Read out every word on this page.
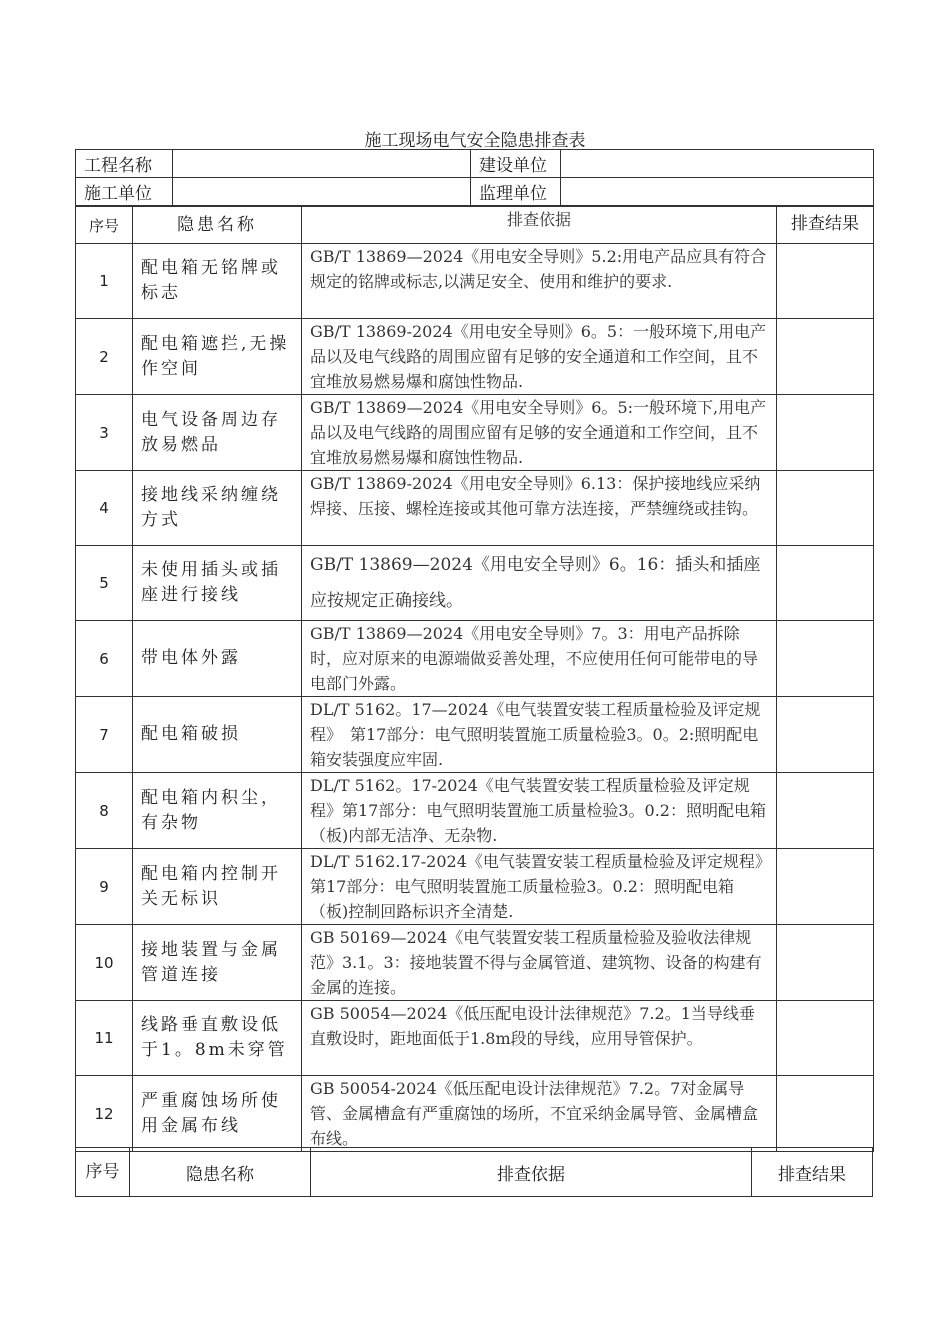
施工现场电气安全隐患排查表
工程名称		建设单位	
施工单位		监理单位	
序号	隐患名称	排查依据	排查结果
1	配电箱无铭牌或标志	GB/T 13869—2024《用电安全导则》5.2:用电产品应具有符合规定的铭牌或标志,以满足安全、使用和维护的要求.	
2	配电箱遮拦,无操作空间	GB/T 13869-2024《用电安全导则》6。5：一般环境下,用电产品以及电气线路的周围应留有足够的安全通道和工作空间，且不宜堆放易燃易爆和腐蚀性物品.	
3	电气设备周边存放易燃品	GB/T 13869—2024《用电安全导则》6。5:一般环境下,用电产品以及电气线路的周围应留有足够的安全通道和工作空间，且不宜堆放易燃易爆和腐蚀性物品.	
4	接地线采纳缠绕方式	GB/T 13869-2024《用电安全导则》6.13：保护接地线应采纳焊接、压接、螺栓连接或其他可靠方法连接，严禁缠绕或挂钩。	
5	未使用插头或插座进行接线	GB/T 13869—2024《用电安全导则》6。16：插头和插座应按规定正确接线。	
6	带电体外露	GB/T 13869—2024《用电安全导则》7。3：用电产品拆除时，应对原来的电源端做妥善处理，不应使用任何可能带电的导电部门外露。	
7	配电箱破损	DL/T 5162。17—2024《电气装置安装工程质量检验及评定规程》　第17部分：电气照明装置施工质量检验3。0。2:照明配电箱安装强度应牢固.	
8	配电箱内积尘，有杂物	DL/T 5162。17-2024《电气装置安装工程质量检验及评定规程》第17部分：电气照明装置施工质量检验3。0.2：照明配电箱（板)内部无洁净、无杂物.	
9	配电箱内控制开关无标识	DL/T 5162.17-2024《电气装置安装工程质量检验及评定规程》第17部分：电气照明装置施工质量检验3。0.2：照明配电箱（板)控制回路标识齐全清楚.	
10	接地装置与金属管道连接	GB 50169—2024《电气装置安装工程质量检验及验收法律规范》3.1。3：接地装置不得与金属管道、建筑物、设备的构建有金属的连接。	
11	线路垂直敷设低于1。8m未穿管	GB 50054—2024《低压配电设计法律规范》7.2。1当导线垂直敷设时，距地面低于1.8m段的导线，应用导管保护。	
12	严重腐蚀场所使用金属布线	GB 50054-2024《低压配电设计法律规范》7.2。7对金属导管、金属槽盒有严重腐蚀的场所，不宜采纳金属导管、金属槽盒布线。	
序号	隐患名称	排查依据	排查结果
